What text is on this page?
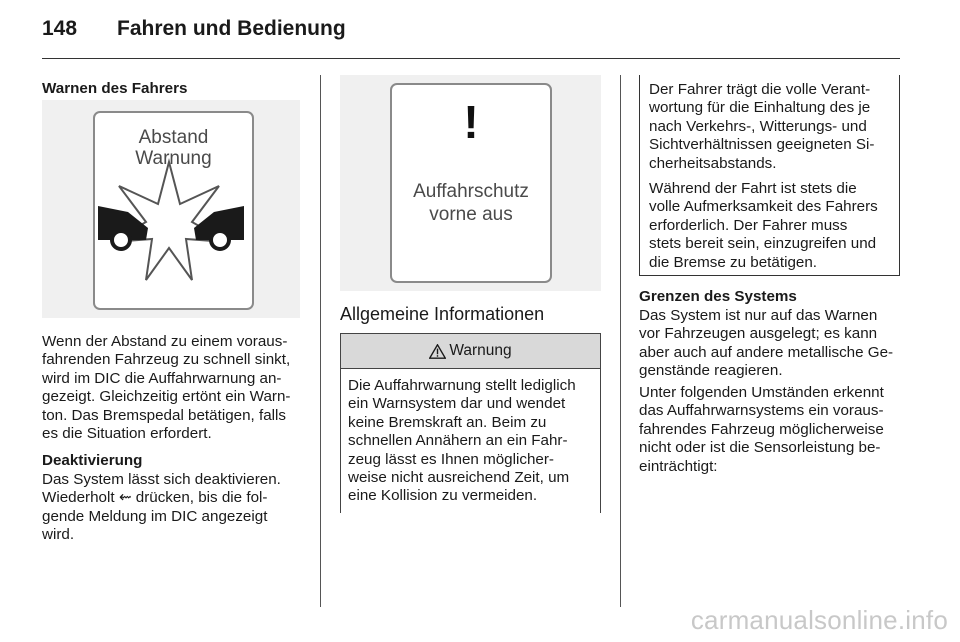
148 Fahren und Bedienung
Warnen des Fahrers
Abstand
Warnung

Wenn der Abstand zu einem voraus-

fahrenden Fahrzeug zu schnell sinkt,

wird im DIC die Auffahrwarnung an-

gezeigt. Gleichzeitig ertönt ein Warn-

ton. Das Bremspedal betätigen, falls

es die Situation erfordert.

Deaktivierung

Das System lässt sich deaktivieren.

Wiederholt ⇜ drücken, bis die fol-

gende Meldung im DIC angezeigt

wird.

!
Auffahrschutz
vorne aus
Allgemeine Informationen
Warnung

Die Auffahrwarnung stellt lediglich

ein Warnsystem dar und wendet

keine Bremskraft an. Beim zu

schnellen Annähern an ein Fahr-

zeug lässt es Ihnen möglicher-

weise nicht ausreichend Zeit, um

eine Kollision zu vermeiden.

Der Fahrer trägt die volle Verant-

wortung für die Einhaltung des je

nach Verkehrs-, Witterungs- und

Sichtverhältnissen geeigneten Si-

cherheitsabstands.

Während der Fahrt ist stets die

volle Aufmerksamkeit des Fahrers

erforderlich. Der Fahrer muss

stets bereit sein, einzugreifen und

die Bremse zu betätigen.

Grenzen des Systems

Das System ist nur auf das Warnen

vor Fahrzeugen ausgelegt; es kann

aber auch auf andere metallische Ge-

genstände reagieren.

Unter folgenden Umständen erkennt

das Auffahrwarnsystems ein voraus-

fahrendes Fahrzeug möglicherweise

nicht oder ist die Sensorleistung be-

einträchtigt:

carmanualsonline.info
